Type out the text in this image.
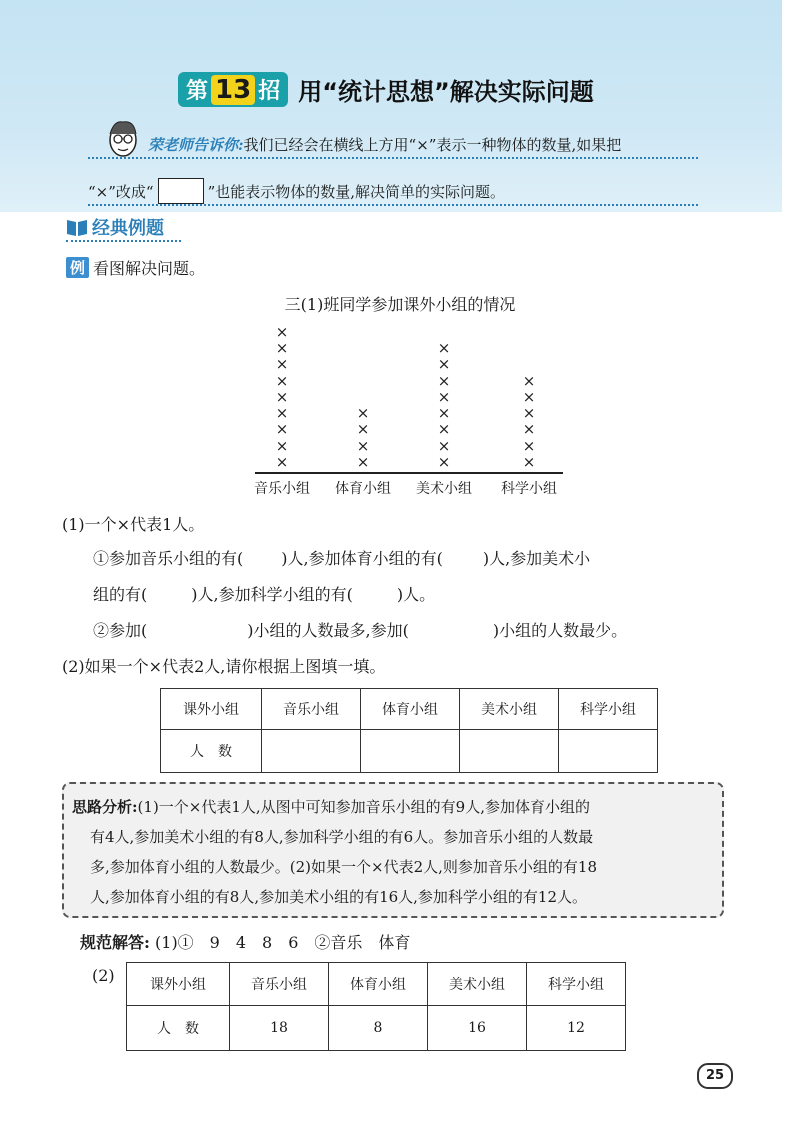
第 13 招 用“统计思想”解决实际问题
荣老师告诉你:我们已经会在横线上方用“×”表示一种物体的数量,如果把
“×”改成“	”也能表示物体的数量,解决简单的实际问题。
经典例题
例 看图解决问题。
三(1)班同学参加课外小组的情况
×
×
×
×
×
×
×
×
×
音乐小组
×
×
×
×
体育小组
×
×
×
×
×
×
×
×
美术小组
×
×
×
×
×
×
科学小组
(1)一个×代表1人。
①参加音乐小组的有( )人,参加体育小组的有(	)人,参加美术小
组的有(	)人,参加科学小组的有(	)人。
②参加(	)小组的人数最多,参加(	)小组的人数最少。
(2)如果一个×代表2人,请你根据上图填一填。
课外小组	音乐小组	体育小组	美术小组	科学小组
人　数				

思路分析:(1)一个×代表1人,从图中可知参加音乐小组的有9人,参加体育小组的

有4人,参加美术小组的有8人,参加科学小组的有6人。参加音乐小组的人数最

多,参加体育小组的人数最少。(2)如果一个×代表2人,则参加音乐小组的有18

人,参加体育小组的有8人,参加美术小组的有16人,参加科学小组的有12人。

规范解答: (1)①　9　4　8　6　②音乐　体育
(2)	课外小组	音乐小组	体育小组	美术小组	科学小组
人　数	18	8	16	12
25
